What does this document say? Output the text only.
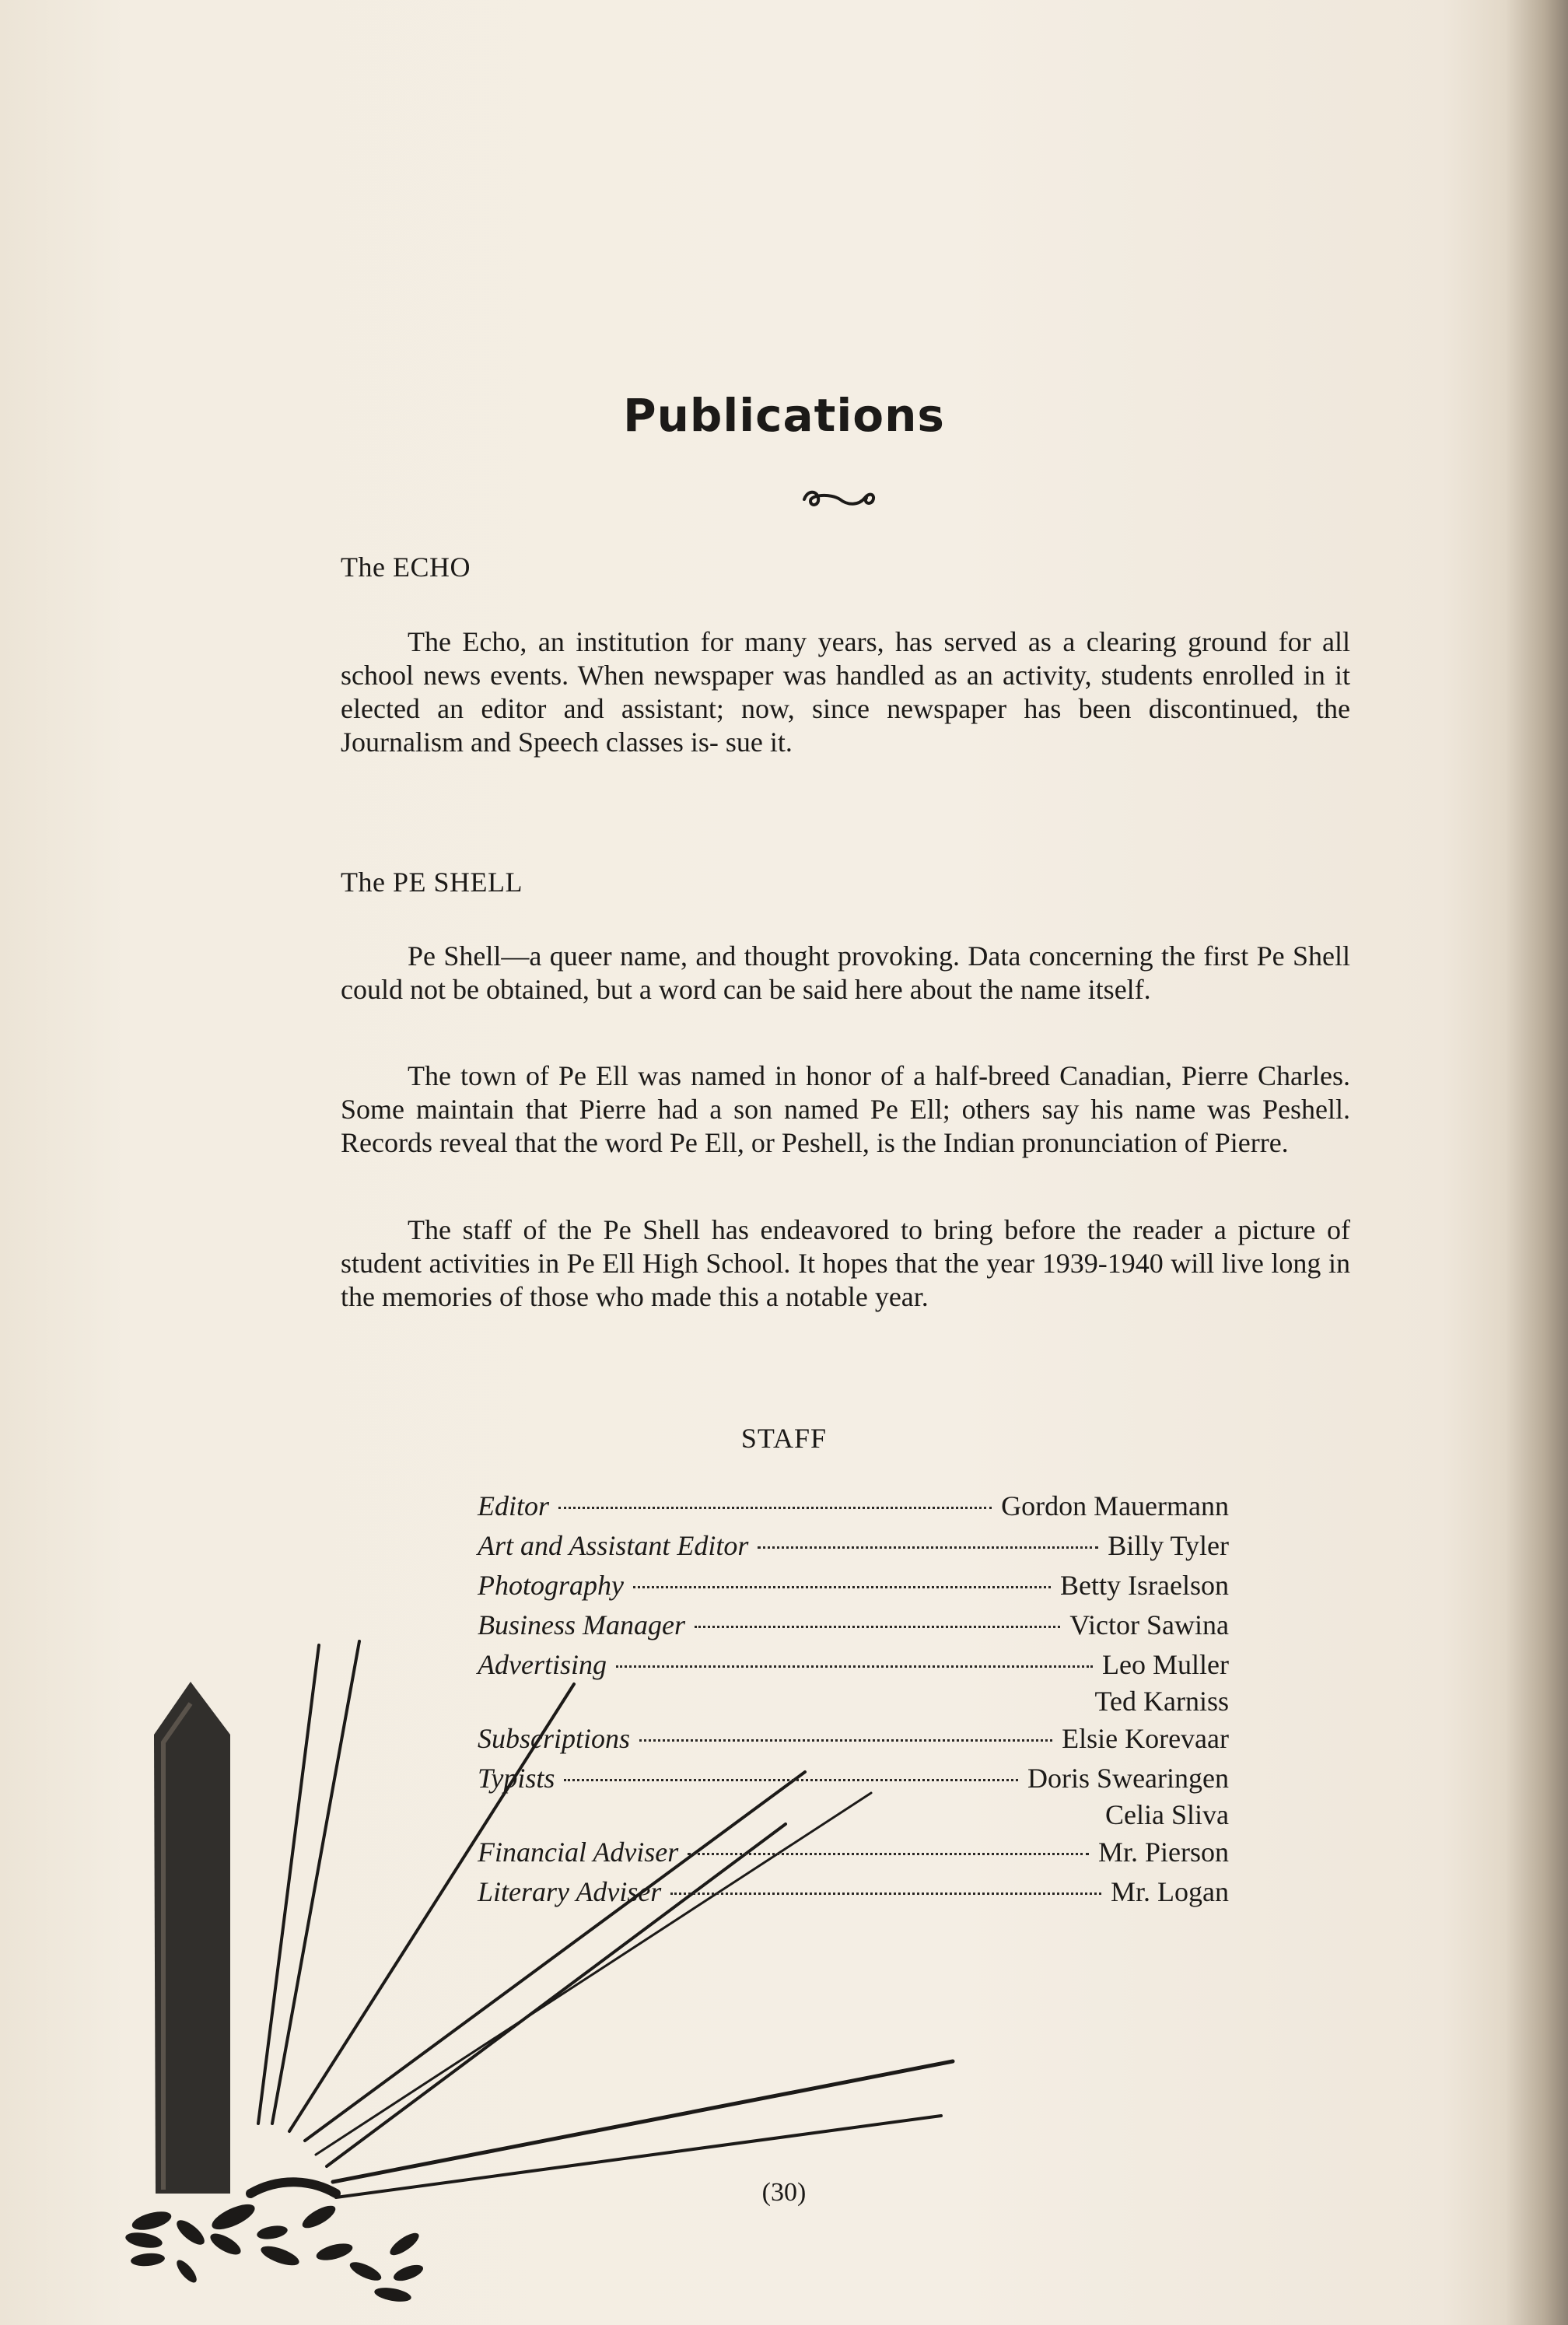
Publications
The ECHO
The Echo, an institution for many years, has served as a clearing ground for all school news events. When newspaper was handled as an activity, students enrolled in it elected an editor and assistant; now, since newspaper has been discontinued, the Journalism and Speech classes is- sue it.
The PE SHELL
Pe Shell—a queer name, and thought provoking. Data concerning the first Pe Shell could not be obtained, but a word can be said here about the name itself.
The town of Pe Ell was named in honor of a half-breed Canadian, Pierre Charles. Some maintain that Pierre had a son named Pe Ell; others say his name was Peshell. Records reveal that the word Pe Ell, or Peshell, is the Indian pronunciation of Pierre.
The staff of the Pe Shell has endeavored to bring before the reader a picture of student activities in Pe Ell High School. It hopes that the year 1939-1940 will live long in the memories of those who made this a notable year.
STAFF
Editor	Gordon Mauermann
Art and Assistant Editor	Billy Tyler
Photography	Betty Israelson
Business Manager	Victor Sawina
Advertising	Leo Muller
Ted Karniss
Subscriptions	Elsie Korevaar
Typists	Doris Swearingen
Celia Sliva
Financial Adviser	Mr. Pierson
Literary Adviser	Mr. Logan
(30)
